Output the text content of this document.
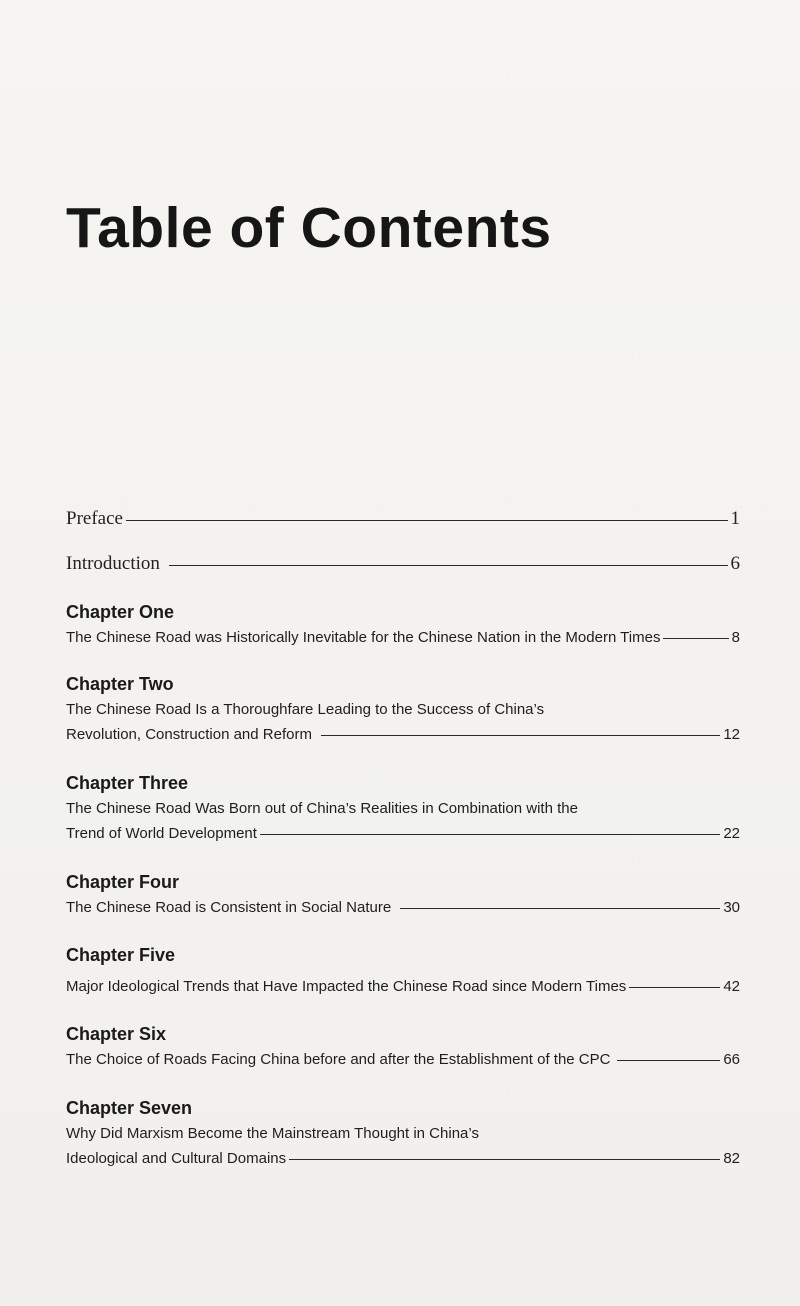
Table of Contents
Preface	1
Introduction	6
Chapter One
The Chinese Road was Historically Inevitable for the Chinese Nation in the Modern Times	8
Chapter Two
The Chinese Road Is a Thoroughfare Leading to the Success of China’s
Revolution, Construction and Reform	12
Chapter Three
The Chinese Road Was Born out of China’s Realities in Combination with the
Trend of World Development	22
Chapter Four
The Chinese Road is Consistent in Social Nature	30
Chapter Five
Major Ideological Trends that Have Impacted the Chinese Road since Modern Times	42
Chapter Six
The Choice of Roads Facing China before and after the Establishment of the CPC	66
Chapter Seven
Why Did Marxism Become the Mainstream Thought in China’s
Ideological and Cultural Domains	82
